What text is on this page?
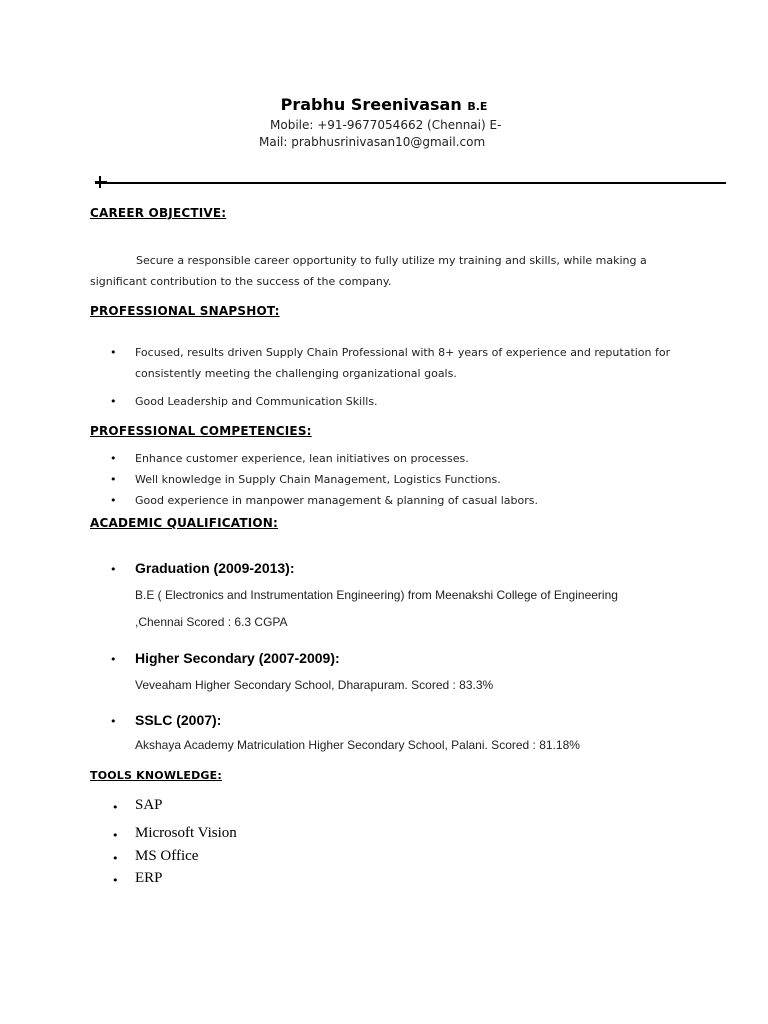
Prabhu Sreenivasan B.E
Mobile: +91-9677054662 (Chennai) E-
Mail: prabhusrinivasan10@gmail.com
CAREER OBJECTIVE:
Secure a responsible career opportunity to fully utilize my training and skills, while making a
significant contribution to the success of the company.
PROFESSIONAL SNAPSHOT:
• Focused, results driven Supply Chain Professional with 8+ years of experience and reputation for
consistently meeting the challenging organizational goals.
• Good Leadership and Communication Skills.
PROFESSIONAL COMPETENCIES:
• Enhance customer experience, lean initiatives on processes.
• Well knowledge in Supply Chain Management, Logistics Functions.
• Good experience in manpower management & planning of casual labors.
ACADEMIC QUALIFICATION:
• Graduation (2009-2013):
B.E ( Electronics and Instrumentation Engineering) from Meenakshi College of Engineering
,Chennai Scored : 6.3 CGPA
• Higher Secondary (2007-2009):
Veveaham Higher Secondary School, Dharapuram. Scored : 83.3%
• SSLC (2007):
Akshaya Academy Matriculation Higher Secondary School, Palani. Scored : 81.18%
TOOLS KNOWLEDGE:
• SAP
• Microsoft Vision
• MS Office
• ERP
